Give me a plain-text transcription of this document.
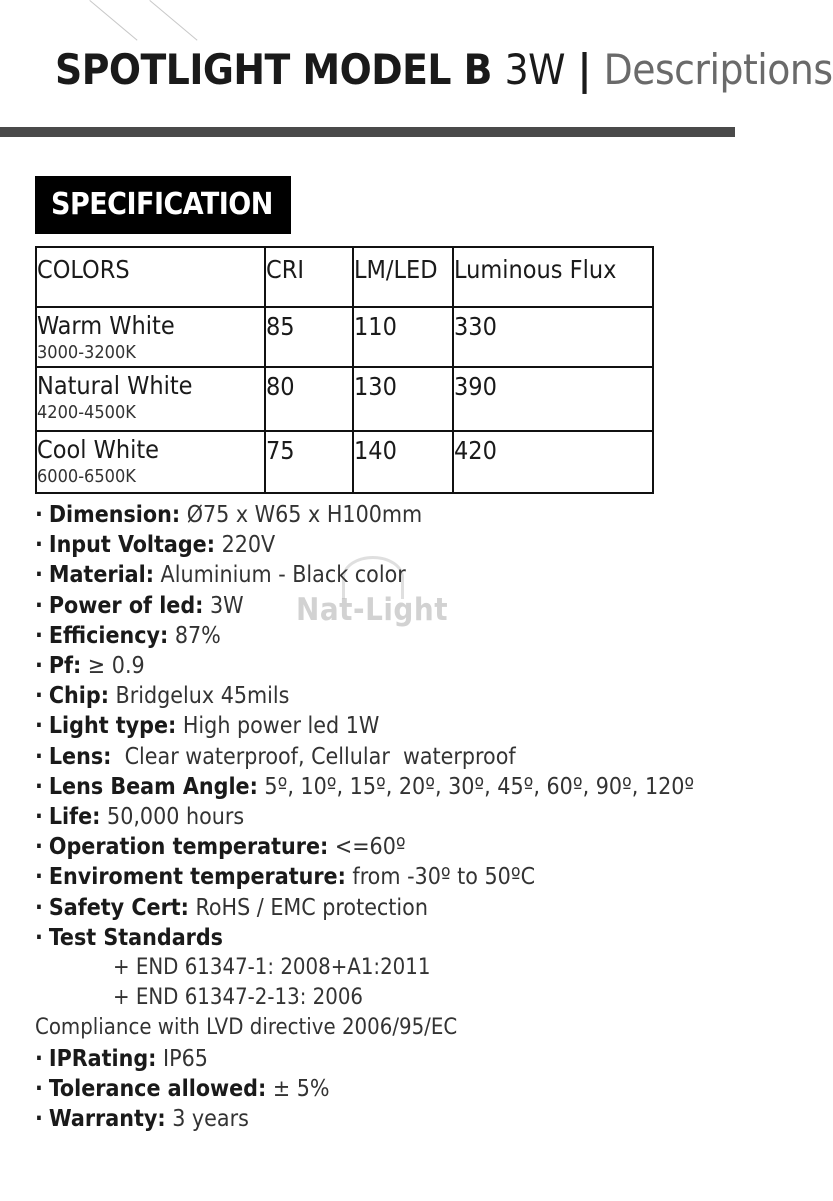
SPOTLIGHT MODEL B 3W | Descriptions
SPECIFICATION
COLORS	CRI	LM/LED	Luminous Flux

Warm White
3000-3200K	85	110	330

Natural White
4200-4500K	80	130	390

Cool White
6000-6500K	75	140	420
Nat-Light
· Dimension: Ø75 x W65 x H100mm
· Input Voltage: 220V
· Material: Aluminium - Black color
· Power of led: 3W
· Efficiency: 87%
· Pf: ≥ 0.9
· Chip: Bridgelux 45mils
· Light type: High power led 1W
· Lens:  Clear waterproof, Cellular  waterproof
· Lens Beam Angle: 5º, 10º, 15º, 20º, 30º, 45º, 60º, 90º, 120º
· Life: 50,000 hours
· Operation temperature: <=60º
· Enviroment temperature: from -30º to 50ºC
· Safety Cert: RoHS / EMC protection
· Test Standards
+ END 61347-1: 2008+A1:2011
+ END 61347-2-13: 2006
Compliance with LVD directive 2006/95/EC
· IPRating: IP65
· Tolerance allowed: ± 5%
· Warranty: 3 years
